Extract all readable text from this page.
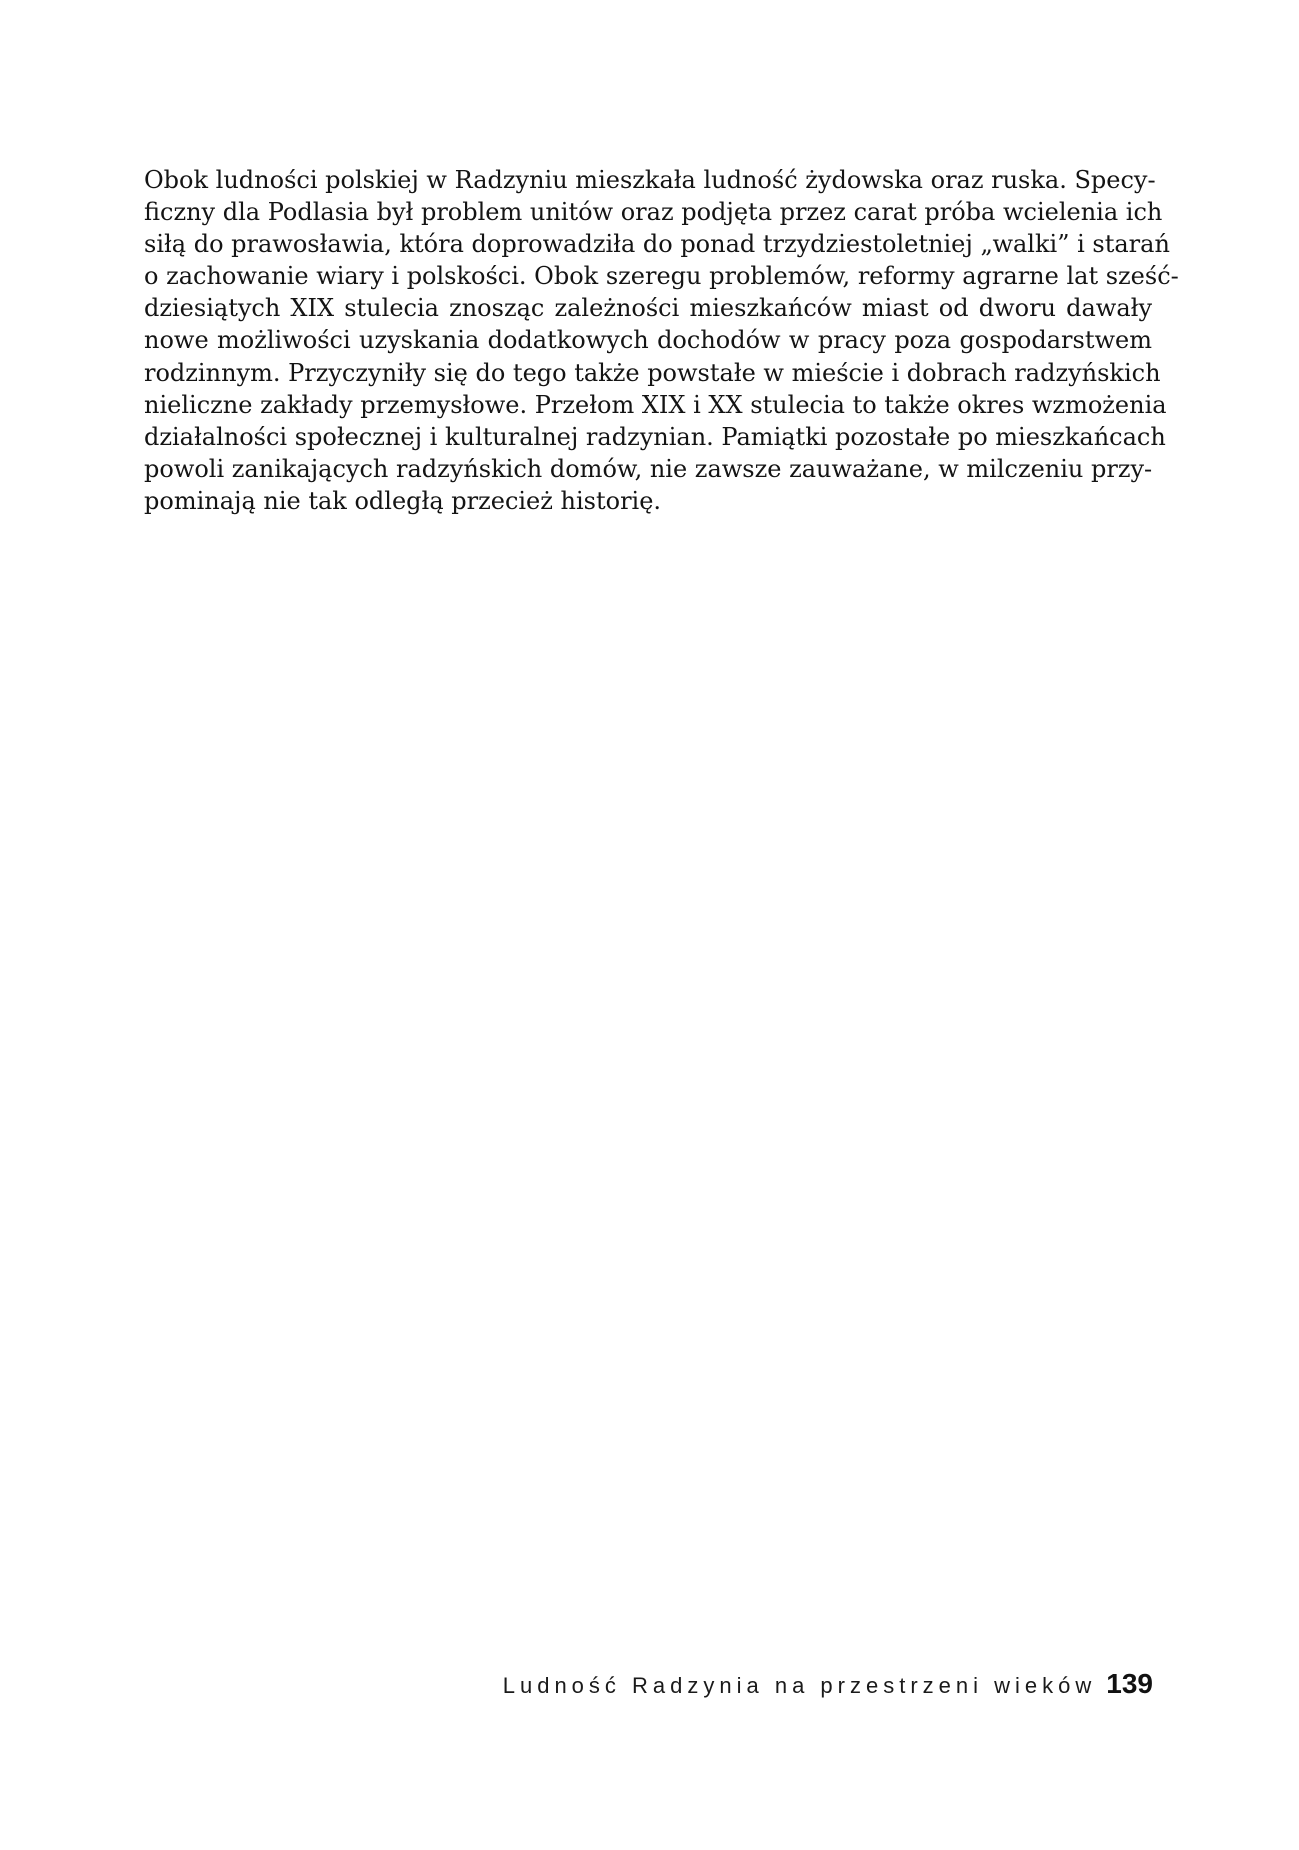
Obok ludności polskiej w Radzyniu mieszkała ludność żydowska oraz ruska. Specy-
ficzny dla Podlasia był problem unitów oraz podjęta przez carat próba wcielenia ich
siłą do prawosławia, która doprowadziła do ponad trzydziestoletniej „walki” i starań
o zachowanie wiary i polskości. Obok szeregu problemów, reformy agrarne lat sześć-
dziesiątych XIX stulecia znosząc zależności mieszkańców miast od dworu dawały
nowe możliwości uzyskania dodatkowych dochodów w pracy poza gospodarstwem
rodzinnym. Przyczyniły się do tego także powstałe w mieście i dobrach radzyńskich
nieliczne zakłady przemysłowe. Przełom XIX i XX stulecia to także okres wzmożenia
działalności społecznej i kulturalnej radzynian. Pamiątki pozostałe po mieszkańcach
powoli zanikających radzyńskich domów, nie zawsze zauważane, w milczeniu przy-
pominają nie tak odległą przecież historię.
Ludność Radzynia na przestrzeni wieków 139
